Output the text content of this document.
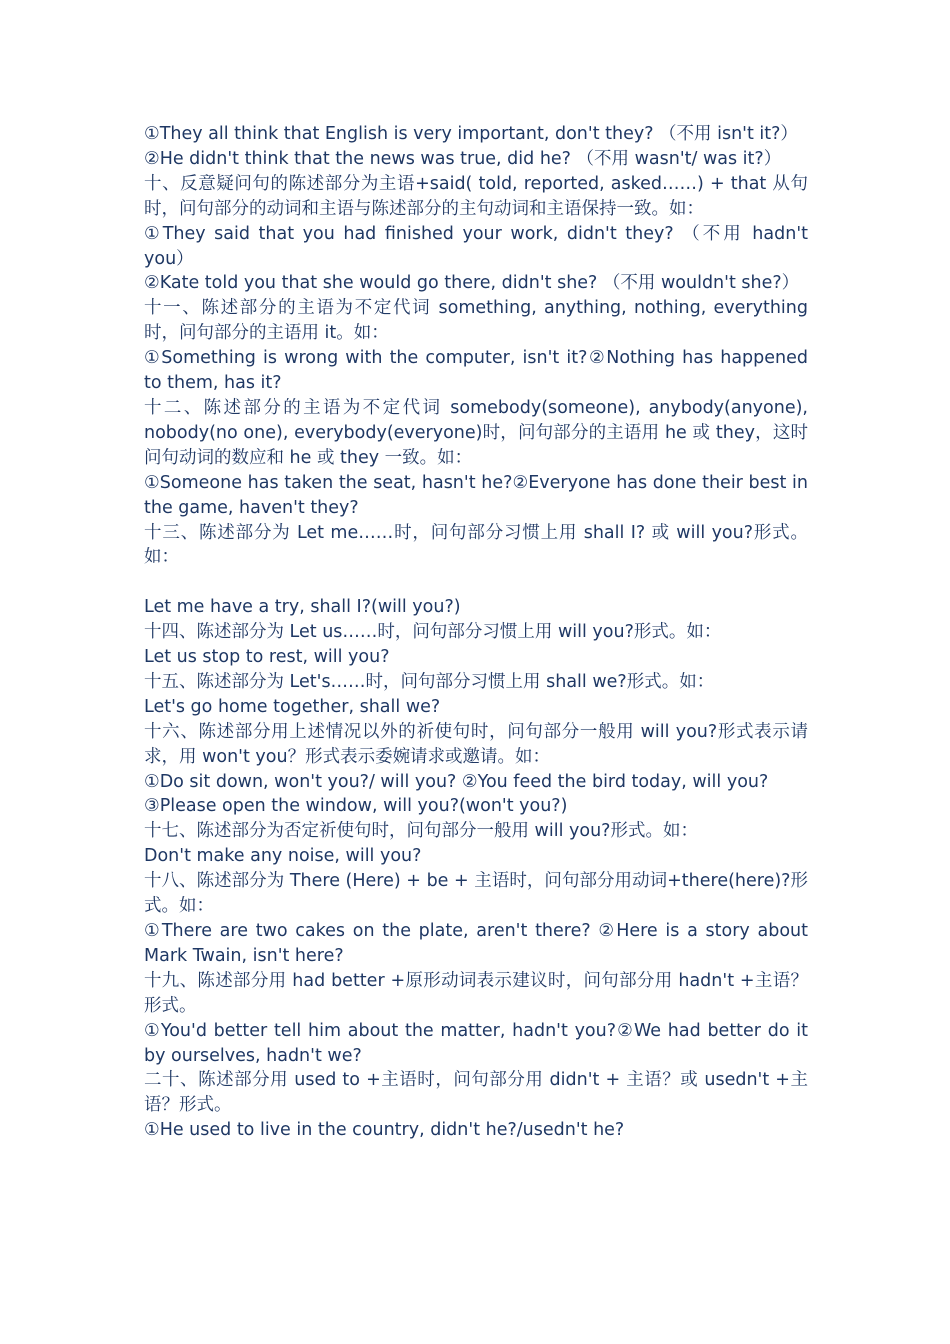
①They all think that English is very important, don't they? （不用 isn't it?）
②He didn't think that the news was true, did he? （不用 wasn't/ was it?）
十、反意疑问句的陈述部分为主语+said( told, reported, asked……) + that 从句时，问句部分的动词和主语与陈述部分的主句动词和主语保持一致。如：
①They said that you had finished your work, didn't they? （不用 hadn't you）
②Kate told you that she would go there, didn't she? （不用 wouldn't she?）
十一、陈述部分的主语为不定代词 something, anything, nothing, everything 时，问句部分的主语用 it。如：
①Something is wrong with the computer, isn't it?②Nothing has happened to them, has it?
十二、陈述部分的主语为不定代词 somebody(someone), anybody(anyone), nobody(no one), everybody(everyone)时，问句部分的主语用 he 或 they，这时问句动词的数应和 he 或 they 一致。如：
①Someone has taken the seat, hasn't he?②Everyone has done their best in the game, haven't they?
十三、陈述部分为 Let me……时，问句部分习惯上用 shall I? 或 will you?形式。如：
Let me have a try, shall I?(will you?)
十四、陈述部分为 Let us……时，问句部分习惯上用 will you?形式。如：
Let us stop to rest, will you?
十五、陈述部分为 Let's……时，问句部分习惯上用 shall we?形式。如：
Let's go home together, shall we?
十六、陈述部分用上述情况以外的祈使句时，问句部分一般用 will you?形式表示请求，用 won't you？形式表示委婉请求或邀请。如：
①Do sit down, won't you?/ will you? ②You feed the bird today, will you?
③Please open the window, will you?(won't you?)
十七、陈述部分为否定祈使句时，问句部分一般用 will you?形式。如：
Don't make any noise, will you?
十八、陈述部分为 There (Here) + be + 主语时，问句部分用动词+there(here)?形式。如：
①There are two cakes on the plate, aren't there? ②Here is a story about Mark Twain, isn't here?
十九、陈述部分用 had better +原形动词表示建议时，问句部分用 hadn't +主语？形式。
①You'd better tell him about the matter, hadn't you?②We had better do it by ourselves, hadn't we?
二十、陈述部分用 used to +主语时，问句部分用 didn't + 主语？或 usedn't +主语？形式。
①He used to live in the country, didn't he?/usedn't he?
